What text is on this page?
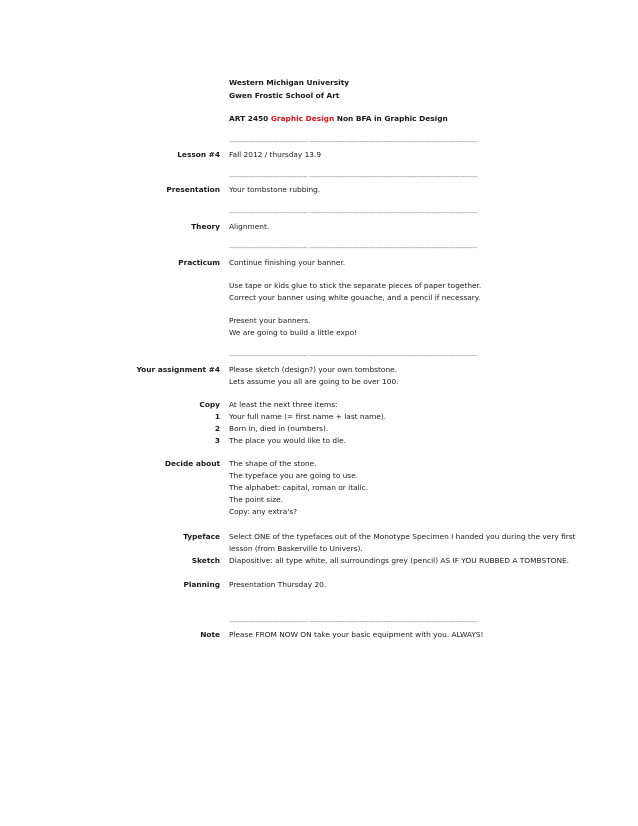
Western Michigan University
Gwen Frostic School of Art
ART 2450 Graphic Design Non BFA in Graphic Design
------------------------------------ -----------------------------------------------------------------------------
Lesson #4 Fall 2012 / thursday 13.9
------------------------------------ -----------------------------------------------------------------------------
Presentation Your tombstone rubbing.
------------------------------------ -----------------------------------------------------------------------------
Theory Alignment.
------------------------------------ -----------------------------------------------------------------------------
Practicum Continue finishing your banner.
Use tape or kids glue to stick the separate pieces of paper together.
Correct your banner using white gouache, and a pencil if necessary.
Present your banners.
We are going to build a little expo!
------------------------------------ -----------------------------------------------------------------------------
Your assignment #4 Please sketch (design?) your own tombstone.
Lets assume you all are going to be over 100.
Copy At least the next three items:
1 Your full name (= first name + last name).
2 Born in, died in (numbers).
3 The place you would like to die.
Decide about The shape of the stone.
The typeface you are going to use.
The alphabet: capital, roman or italic.
The point size.
Copy: any extra's?
Typeface Select ONE of the typefaces out of the Monotype Specimen I handed you during the very first
lesson (from Baskerville to Univers).
Sketch Diapositive: all type white, all surroundings grey (pencil) AS IF YOU RUBBED A TOMBSTONE.
Planning Presentation Thursday 20.
------------------------------------ -----------------------------------------------------------------------------
Note Please FROM NOW ON take your basic equipment with you. ALWAYS!
